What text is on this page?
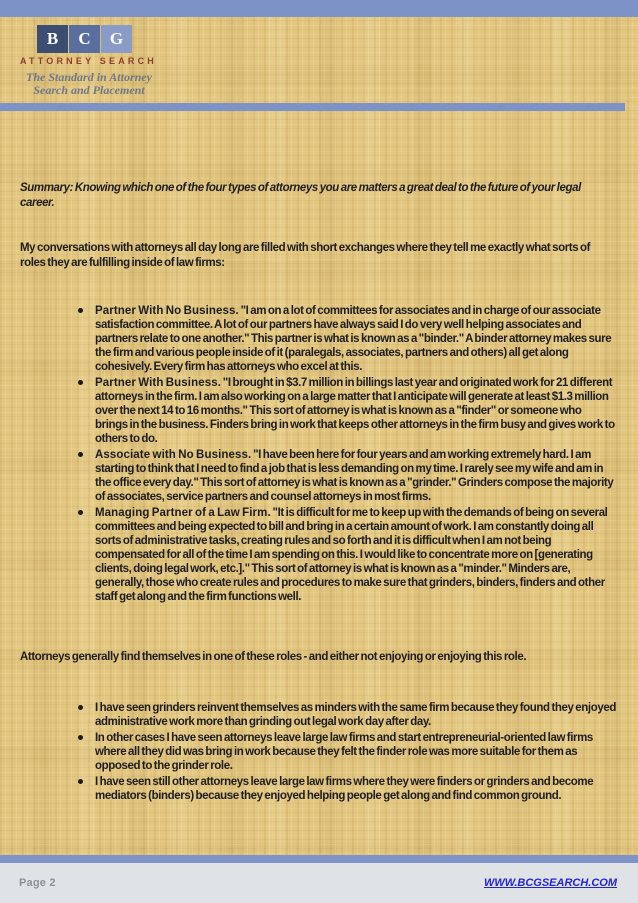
B	C	G
ATTORNEY SEARCH
The Standard in Attorney
Search and Placement

Summary: Knowing which one of the four types of attorneys you are matters a great deal to the future of your legal career.

My conversations with attorneys all day long are filled with short exchanges where they tell me exactly what sorts of roles they are fulfilling inside of law firms:

Partner With No Business. "I am on a lot of committees for associates and in charge of our associate satisfaction committee. A lot of our partners have always said I do very well helping associates and partners relate to one another." This partner is what is known as a "binder." A binder attorney makes sure the firm and various people inside of it (paralegals, associates, partners and others) all get along cohesively. Every firm has attorneys who excel at this.
Partner With Business. "I brought in $3.7 million in billings last year and originated work for 21 different attorneys in the firm. I am also working on a large matter that I anticipate will generate at least $1.3 million over the next 14 to 16 months." This sort of attorney is what is known as a "finder" or someone who brings in the business. Finders bring in work that keeps other attorneys in the firm busy and gives work to others to do.
Associate with No Business. "I have been here for four years and am working extremely hard. I am starting to think that I need to find a job that is less demanding on my time. I rarely see my wife and am in the office every day." This sort of attorney is what is known as a "grinder." Grinders compose the majority of associates, service partners and counsel attorneys in most firms.
Managing Partner of a Law Firm. "It is difficult for me to keep up with the demands of being on several committees and being expected to bill and bring in a certain amount of work. I am constantly doing all sorts of administrative tasks, creating rules and so forth and it is difficult when I am not being compensated for all of the time I am spending on this. I would like to concentrate more on [generating clients, doing legal work, etc.]." This sort of attorney is what is known as a "minder." Minders are, generally, those who create rules and procedures to make sure that grinders, binders, finders and other staff get along and the firm functions well.

Attorneys generally find themselves in one of these roles - and either not enjoying or enjoying this role.

I have seen grinders reinvent themselves as minders with the same firm because they found they enjoyed administrative work more than grinding out legal work day after day.
In other cases I have seen attorneys leave large law firms and start entrepreneurial-oriented law firms where all they did was bring in work because they felt the finder role was more suitable for them as opposed to the grinder role.
I have seen still other attorneys leave large law firms where they were finders or grinders and become mediators (binders) because they enjoyed helping people get along and find common ground.
Page 2	WWW.BCGSEARCH.COM
